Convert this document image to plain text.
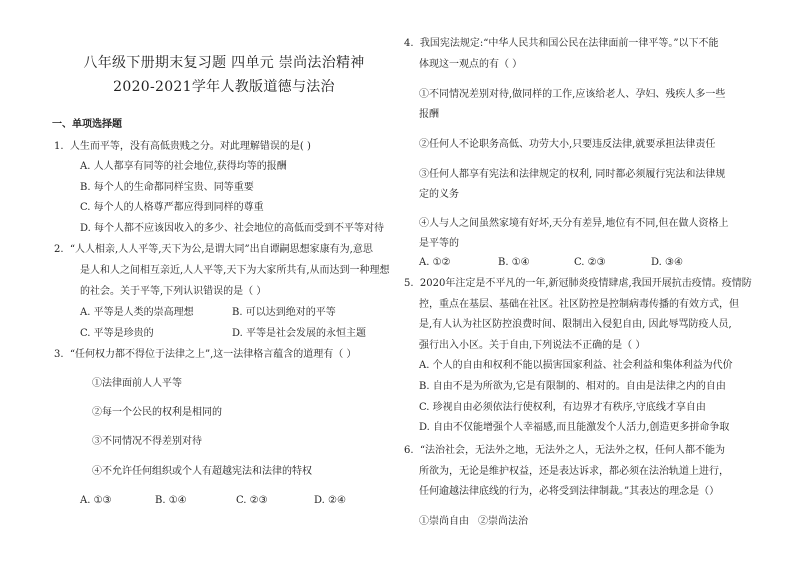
八年级下册期末复习题 四单元 崇尚法治精神
2020-2021学年人教版道德与法治
一、单项选择题
1. 人生而平等，没有高低贵贱之分。对此理解错误的是( )
A. 人人都享有同等的社会地位,获得均等的报酬
B. 每个人的生命都同样宝贵、同等重要
C. 每个人的人格尊严都应得到同样的尊重
D. 每个人都不应该因收入的多少、社会地位的高低而受到不平等对待
2. “人人相亲,人人平等,天下为公,是谓大同”出自谭嗣思想家康有为,意思
是人和人之间相互亲近,人人平等,天下为大家所共有,从而达到一种理想
的社会。关于平等,下列认识错误的是（ ）
A. 平等是人类的崇高理想	B. 可以达到绝对的平等
C. 平等是珍贵的	D. 平等是社会发展的永恒主题
3. “任何权力都不得位于法律之上”,这一法律格言蕴含的道理有（ ）
①法律面前人人平等
②每一个公民的权利是相同的
③不同情况不得差别对待
④不允许任何组织或个人有超越宪法和法律的特权
A. ①③	B. ①④	C. ②③	D. ②④
4. 我国宪法规定:“中华人民共和国公民在法律面前一律平等。”以下不能
体现这一观点的有（ ）
①不同情况差别对待,做同样的工作,应该给老人、孕妇、残疾人多一些
报酬
②任何人不论职务高低、功劳大小,只要违反法律,就要承担法律责任
③任何人都享有宪法和法律规定的权利, 同时都必须履行宪法和法律规
定的义务
④人与人之间虽然家境有好坏,天分有差异,地位有不同,但在做人资格上
是平等的
A. ①②	B. ①④	C. ②③	D. ③④
5. 2020年注定是不平凡的一年,新冠肺炎疫情肆虐,我国开展抗击疫情。疫情防
控，重点在基层、基础在社区。社区防控是控制病毒传播的有效方式，但
是,有人认为社区防控浪费时间、限制出入侵犯自由, 因此辱骂防疫人员,
强行出入小区。关于自由,下列说法不正确的是（ ）
A. 个人的自由和权利不能以损害国家利益、社会利益和集体利益为代价
B. 自由不是为所欲为,它是有限制的、相对的。自由是法律之内的自由
C. 珍视自由必须依法行使权利，有边界才有秩序,守底线才享自由
D. 自由不仅能增强个人幸福感,而且能激发个人活力,创造更多拼命争取
6. “法治社会，无法外之地，无法外之人，无法外之权，任何人都不能为
所欲为，无论是维护权益，还是表达诉求，都必须在法治轨道上进行，
任何逾越法律底线的行为，必将受到法律制裁。”其表达的理念是（）
①崇尚自由 ②崇尚法治
